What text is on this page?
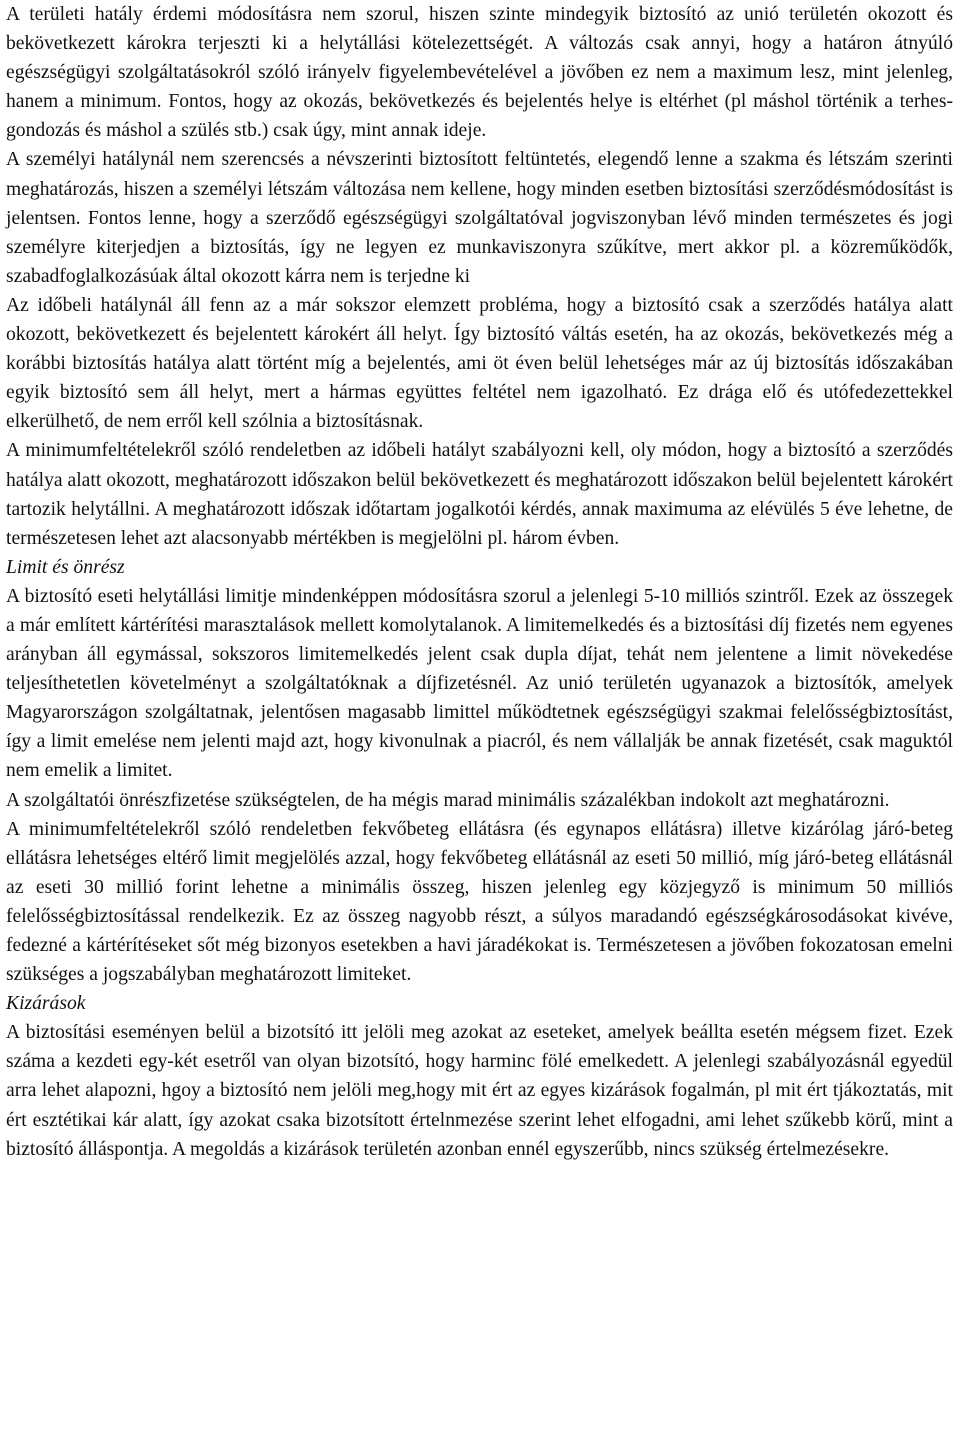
A területi hatály érdemi módosításra nem szorul, hiszen szinte mindegyik biztosító az unió területén okozott és bekövetkezett károkra terjeszti ki a helytállási kötelezettségét. A változás csak annyi, hogy a határon átnyúló egészségügyi szolgáltatásokról szóló irányelv figyelembevételével a jövőben ez nem a maximum lesz, mint jelenleg, hanem a minimum. Fontos, hogy az okozás, bekövetkezés és bejelentés helye is eltérhet (pl máshol történik a terhes-gondozás és máshol a szülés stb.) csak úgy, mint annak ideje.

A személyi hatálynál nem szerencsés a névszerinti biztosított feltüntetés, elegendő lenne a szakma és létszám szerinti meghatározás, hiszen a személyi létszám változása nem kellene, hogy minden esetben biztosítási szerződésmódosítást is jelentsen. Fontos lenne, hogy a szerződő egészségügyi szolgáltatóval jogviszonyban lévő minden természetes és jogi személyre kiterjedjen a biztosítás, így ne legyen ez munkaviszonyra szűkítve, mert akkor pl. a közreműködők, szabadfoglalkozásúak által okozott kárra nem is terjedne ki

Az időbeli hatálynál áll fenn az a már sokszor elemzett probléma, hogy a biztosító csak a szerződés hatálya alatt okozott, bekövetkezett és bejelentett károkért áll helyt. Így biztosító váltás esetén, ha az okozás, bekövetkezés még a korábbi biztosítás hatálya alatt történt míg a bejelentés, ami öt éven belül lehetséges már az új biztosítás időszakában egyik biztosító sem áll helyt, mert a hármas együttes feltétel nem igazolható. Ez drága elő és utófedezettekkel elkerülhető, de nem erről kell szólnia a biztosításnak.

A minimumfeltételekről szóló rendeletben az időbeli hatályt szabályozni kell, oly módon, hogy a biztosító a szerződés hatálya alatt okozott, meghatározott időszakon belül bekövetkezett és meghatározott időszakon belül bejelentett károkért tartozik helytállni. A meghatározott időszak időtartam jogalkotói kérdés, annak maximuma az elévülés 5 éve lehetne, de természetesen lehet azt alacsonyabb mértékben is megjelölni pl. három évben.

Limit és önrész

A biztosító eseti helytállási limitje mindenképpen módosításra szorul a jelenlegi 5-10 milliós szintről. Ezek az összegek a már említett kártérítési marasztalások mellett komolytalanok. A limitemelkedés és a biztosítási díj fizetés nem egyenes arányban áll egymással, sokszoros limitemelkedés jelent csak dupla díjat, tehát nem jelentene a limit növekedése teljesíthetetlen követelményt a szolgáltatóknak a díjfizetésnél. Az unió területén ugyanazok a biztosítók, amelyek Magyarországon szolgáltatnak, jelentősen magasabb limittel működtetnek egészségügyi szakmai felelősségbiztosítást, így a limit emelése nem jelenti majd azt, hogy kivonulnak a piacról, és nem vállalják be annak fizetését, csak maguktól nem emelik a limitet.

A szolgáltatói önrészfizetése szükségtelen, de ha mégis marad minimális százalékban indokolt azt meghatározni.

A minimumfeltételekről szóló rendeletben fekvőbeteg ellátásra (és egynapos ellátásra) illetve kizárólag járó-beteg ellátásra lehetséges eltérő limit megjelölés azzal, hogy fekvőbeteg ellátásnál az eseti 50 millió, míg járó-beteg ellátásnál az eseti 30 millió forint lehetne a minimális összeg, hiszen jelenleg egy közjegyző is minimum 50 milliós felelősségbiztosítással rendelkezik. Ez az összeg nagyobb részt, a súlyos maradandó egészségkárosodásokat kivéve, fedezné a kártérítéseket sőt még bizonyos esetekben a havi járadékokat is. Természetesen a jövőben fokozatosan emelni szükséges a jogszabályban meghatározott limiteket.

Kizárások

A biztosítási eseményen belül a bizotsító itt jelöli meg azokat az eseteket, amelyek beállta esetén mégsem fizet. Ezek száma a kezdeti egy-két esetről van olyan bizotsító, hogy harminc fölé emelkedett. A jelenlegi szabályozásnál egyedül arra lehet alapozni, hgoy a biztosító nem jelöli meg,hogy mit ért az egyes kizárások fogalmán, pl mit ért tjákoztatás, mit ért esztétikai kár alatt, így azokat csaka bizotsított értelnmezése szerint lehet elfogadni, ami lehet szűkebb körű, mint a biztosító álláspontja. A megoldás a kizárások területén azonban ennél egyszerűbb, nincs szükség értelmezésekre.
